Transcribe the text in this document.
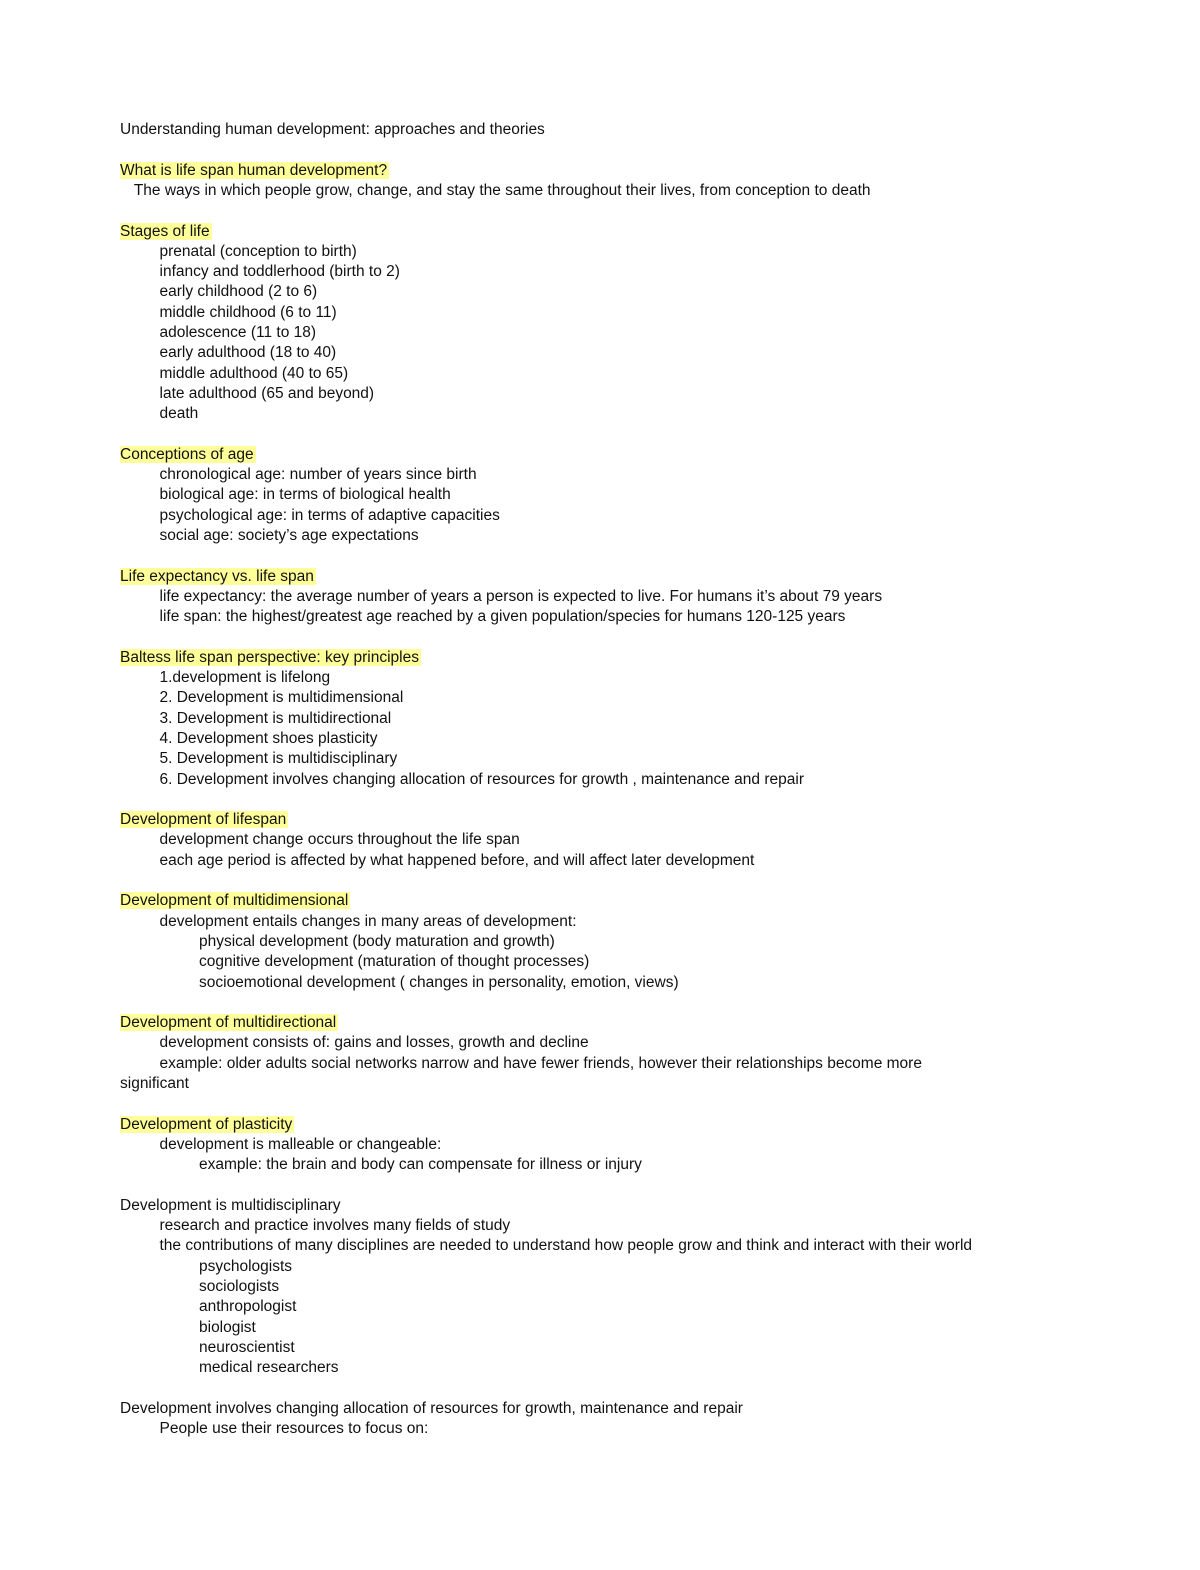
Understanding human development: approaches and theories
What is life span human development?
The ways in which people grow, change, and stay the same throughout their lives, from conception to death
Stages of life
prenatal (conception to birth)
infancy and toddlerhood (birth to 2)
early childhood (2 to 6)
middle childhood (6 to 11)
adolescence (11 to 18)
early adulthood (18 to 40)
middle adulthood (40 to 65)
late adulthood (65 and beyond)
death
Conceptions of age
chronological age: number of years since birth
biological age: in terms of biological health
psychological age: in terms of adaptive capacities
social age: society’s age expectations
Life expectancy vs. life span
life expectancy: the average number of years a person is expected to live. For humans it’s about 79 years
life span: the highest/greatest age reached by a given population/species for humans 120-125 years
Baltess life span perspective: key principles
1.development is lifelong
2. Development is multidimensional
3. Development is multidirectional
4. Development shoes plasticity
5. Development is multidisciplinary
6. Development involves changing allocation of resources for growth , maintenance and repair
Development of lifespan
development change occurs throughout the life span
each age period is affected by what happened before, and will affect later development
Development of multidimensional
development entails changes in many areas of development:
physical development (body maturation and growth)
cognitive development (maturation of thought processes)
socioemotional development ( changes in personality, emotion, views)
Development of multidirectional
development consists of: gains and losses, growth and decline
example: older adults social networks narrow and have fewer friends, however their relationships become more
significant
Development of plasticity
development is malleable or changeable:
example: the brain and body can compensate for illness or injury
Development is multidisciplinary
research and practice involves many fields of study
the contributions of many disciplines are needed to understand how people grow and think and interact with their world
psychologists
sociologists
anthropologist
biologist
neuroscientist
medical researchers
Development involves changing allocation of resources for growth, maintenance and repair
People use their resources to focus on:
